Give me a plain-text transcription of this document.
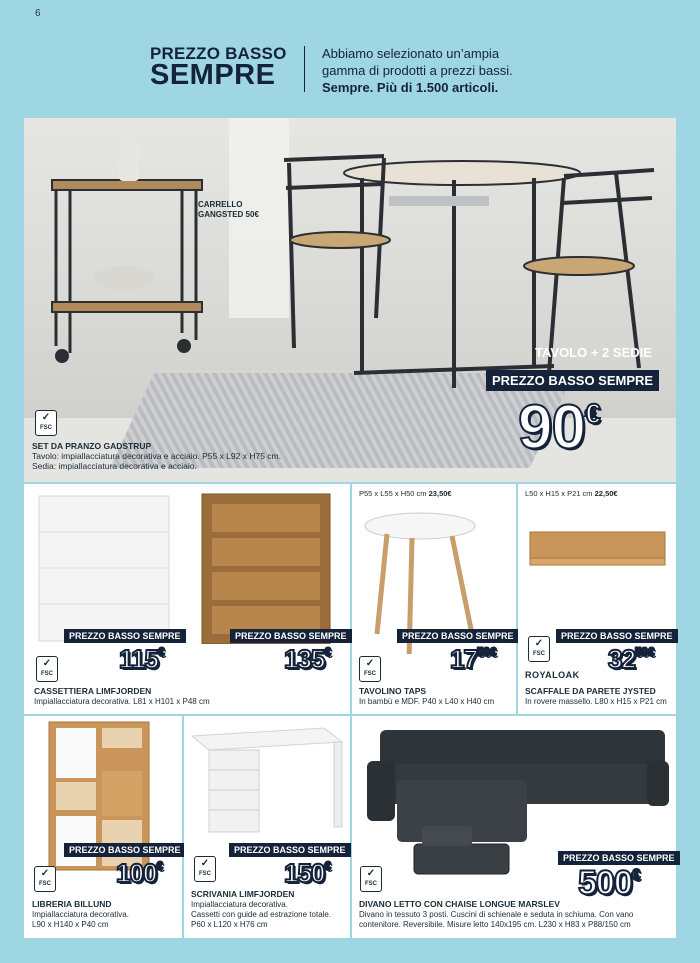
6
PREZZO BASSO
SEMPRE
Abbiamo selezionato un’ampia
gamma di prodotti a prezzi bassi.
Sempre. Più di 1.500 articoli.
CARRELLO
GANGSTED 50€
TAVOLO + 2 SEDIE
PREZZO BASSO SEMPRE
90€
✓ FSC
SET DA PRANZO GADSTRUP
Tavolo: impiallacciatura decorativa e acciaio. P55 x L92 x H75 cm.
Sedia: impiallacciatura decorativa e acciaio.
PREZZO BASSO SEMPRE	PREZZO BASSO SEMPRE
115€	135€
✓ FSC
CASSETTIERA LIMFJORDEN
Impiallacciatura decorativa. L81 x H101 x P48 cm
P55 x L55 x H50 cm 23,50€
PREZZO BASSO SEMPRE
$17^{50€}$
✓ FSC
TAVOLINO TAPS
In bambù e MDF. P40 x L40 x H40 cm
L50 x H15 x P21 cm 22,50€
PREZZO BASSO SEMPRE
$32^{50€}$
✓ FSC
ROYALOAK
SCAFFALE DA PARETE JYSTED
In rovere massello. L80 x H15 x P21 cm
PREZZO BASSO SEMPRE
100€
✓ FSC
LIBRERIA BILLUND
Impiallacciatura decorativa.
L90 x H140 x P40 cm
PREZZO BASSO SEMPRE
150€
✓ FSC
SCRIVANIA LIMFJORDEN
Impiallacciatura decorativa.
Cassetti con guide ad estrazione totale.
P60 x L120 x H76 cm
PREZZO BASSO SEMPRE
500€
✓ FSC
DIVANO LETTO CON CHAISE LONGUE MARSLEV
Divano in tessuto 3 posti. Cuscini di schienale e seduta in schiuma. Con vano
contenitore. Reversibile. Misure letto 140x195 cm. L230 x H83 x P88/150 cm
